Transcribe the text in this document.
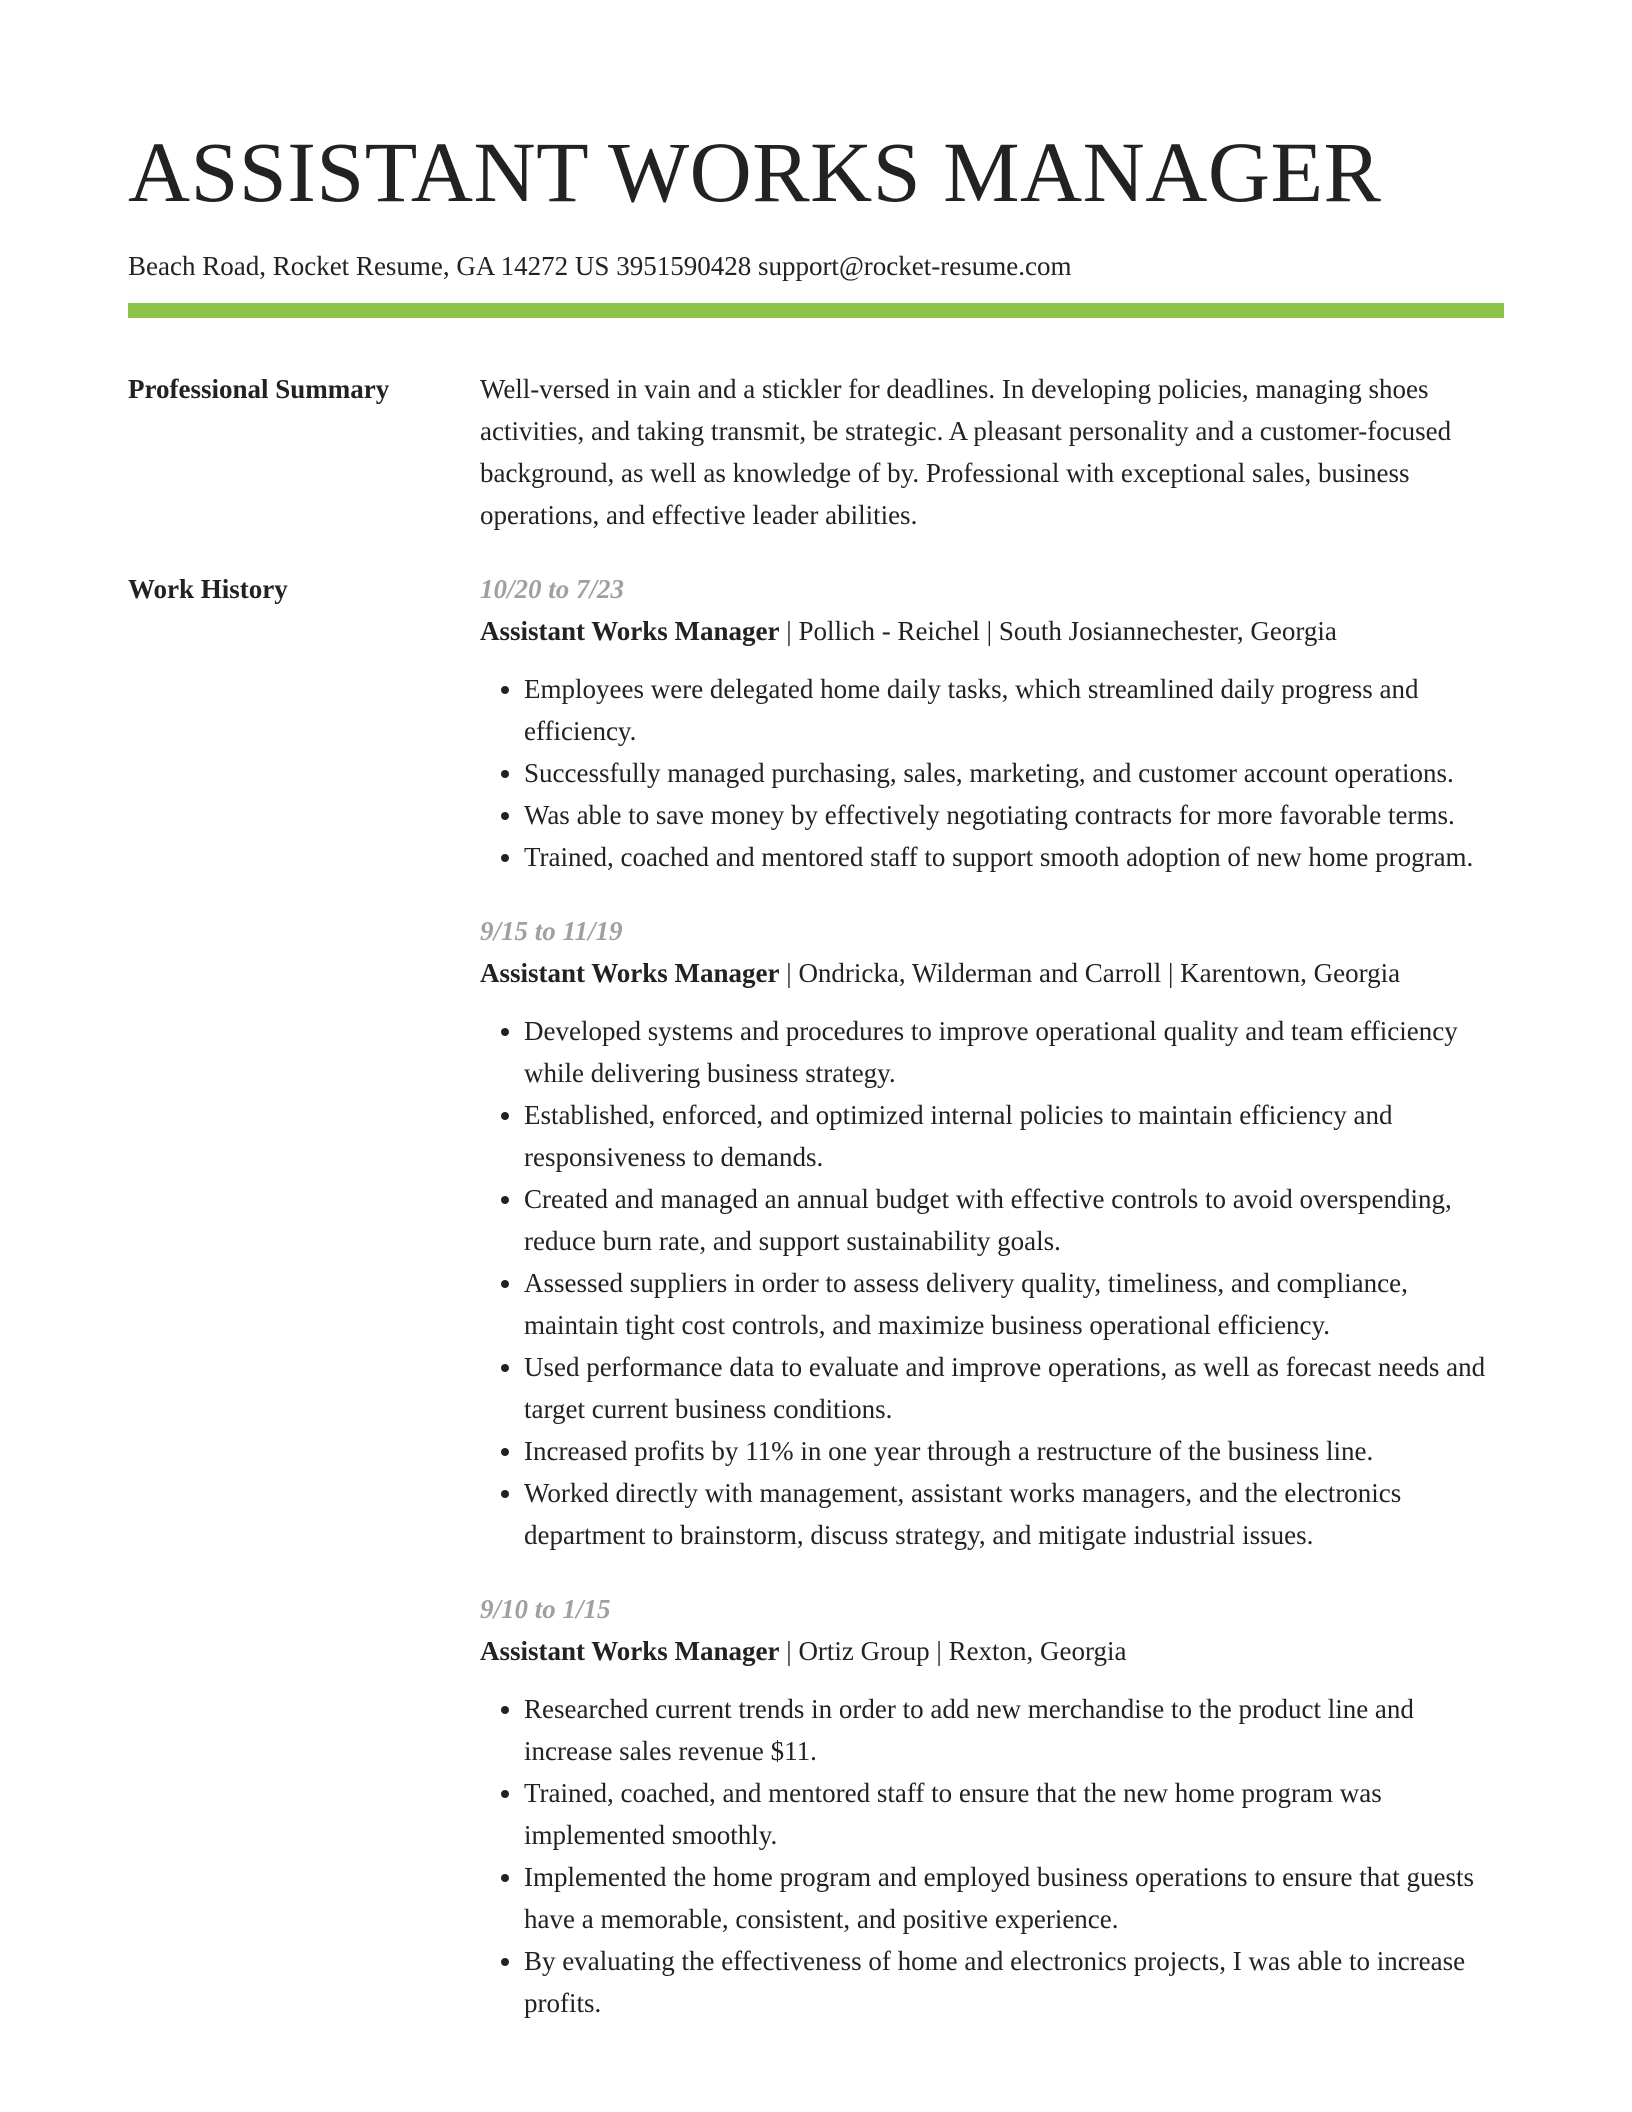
ASSISTANT WORKS MANAGER
Beach Road, Rocket Resume, GA 14272 US 3951590428 support@rocket-resume.com
Professional Summary	Well-versed in vain and a stickler for deadlines. In developing policies, managing shoes activities, and taking transmit, be strategic. A pleasant personality and a customer-focused background, as well as knowledge of by. Professional with exceptional sales, business operations, and effective leader abilities.

Work History	10/20 to 7/23
Assistant Works Manager | Pollich - Reichel | South Josiannechester, Georgia
• Employees were delegated home daily tasks, which streamlined daily progress and efficiency.
• Successfully managed purchasing, sales, marketing, and customer account operations.
• Was able to save money by effectively negotiating contracts for more favorable terms.
• Trained, coached and mentored staff to support smooth adoption of new home program.
9/15 to 11/19
Assistant Works Manager | Ondricka, Wilderman and Carroll | Karentown, Georgia
• Developed systems and procedures to improve operational quality and team efficiency while delivering business strategy.
• Established, enforced, and optimized internal policies to maintain efficiency and responsiveness to demands.
• Created and managed an annual budget with effective controls to avoid overspending, reduce burn rate, and support sustainability goals.
• Assessed suppliers in order to assess delivery quality, timeliness, and compliance, maintain tight cost controls, and maximize business operational efficiency.
• Used performance data to evaluate and improve operations, as well as forecast needs and target current business conditions.
• Increased profits by 11% in one year through a restructure of the business line.
• Worked directly with management, assistant works managers, and the electronics department to brainstorm, discuss strategy, and mitigate industrial issues.
9/10 to 1/15
Assistant Works Manager | Ortiz Group | Rexton, Georgia
• Researched current trends in order to add new merchandise to the product line and increase sales revenue $11.
• Trained, coached, and mentored staff to ensure that the new home program was implemented smoothly.
• Implemented the home program and employed business operations to ensure that guests have a memorable, consistent, and positive experience.
• By evaluating the effectiveness of home and electronics projects, I was able to increase profits.
